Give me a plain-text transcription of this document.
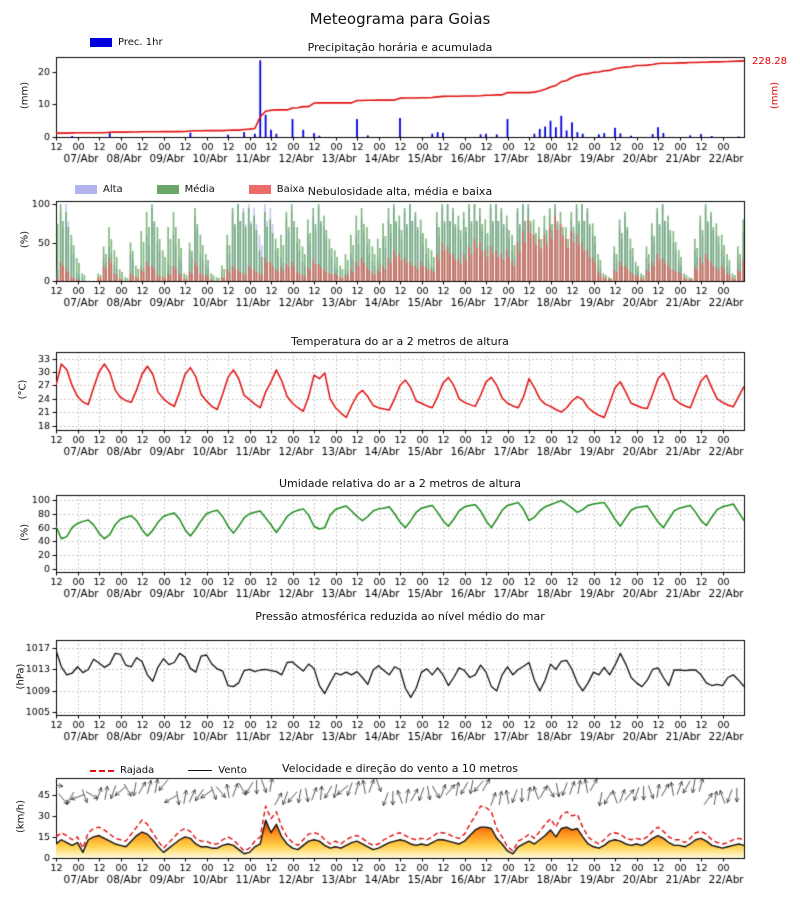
Meteograma para Goias
Precipitação horária e acumulada
Nebulosidade alta, média e baixa
Temperatura do ar a 2 metros de altura
Umidade relativa do ar a 2 metros de altura
Pressão atmosférica reduzida ao nível médio do mar
Velocidade e direção do vento a 10 metros
(mm)
(%)
(°C)
(%)
(hPa)
(km/h)
228.28
(mm)
Prec. 1hr
Alta	Média	Baixa
Rajada	Vento
